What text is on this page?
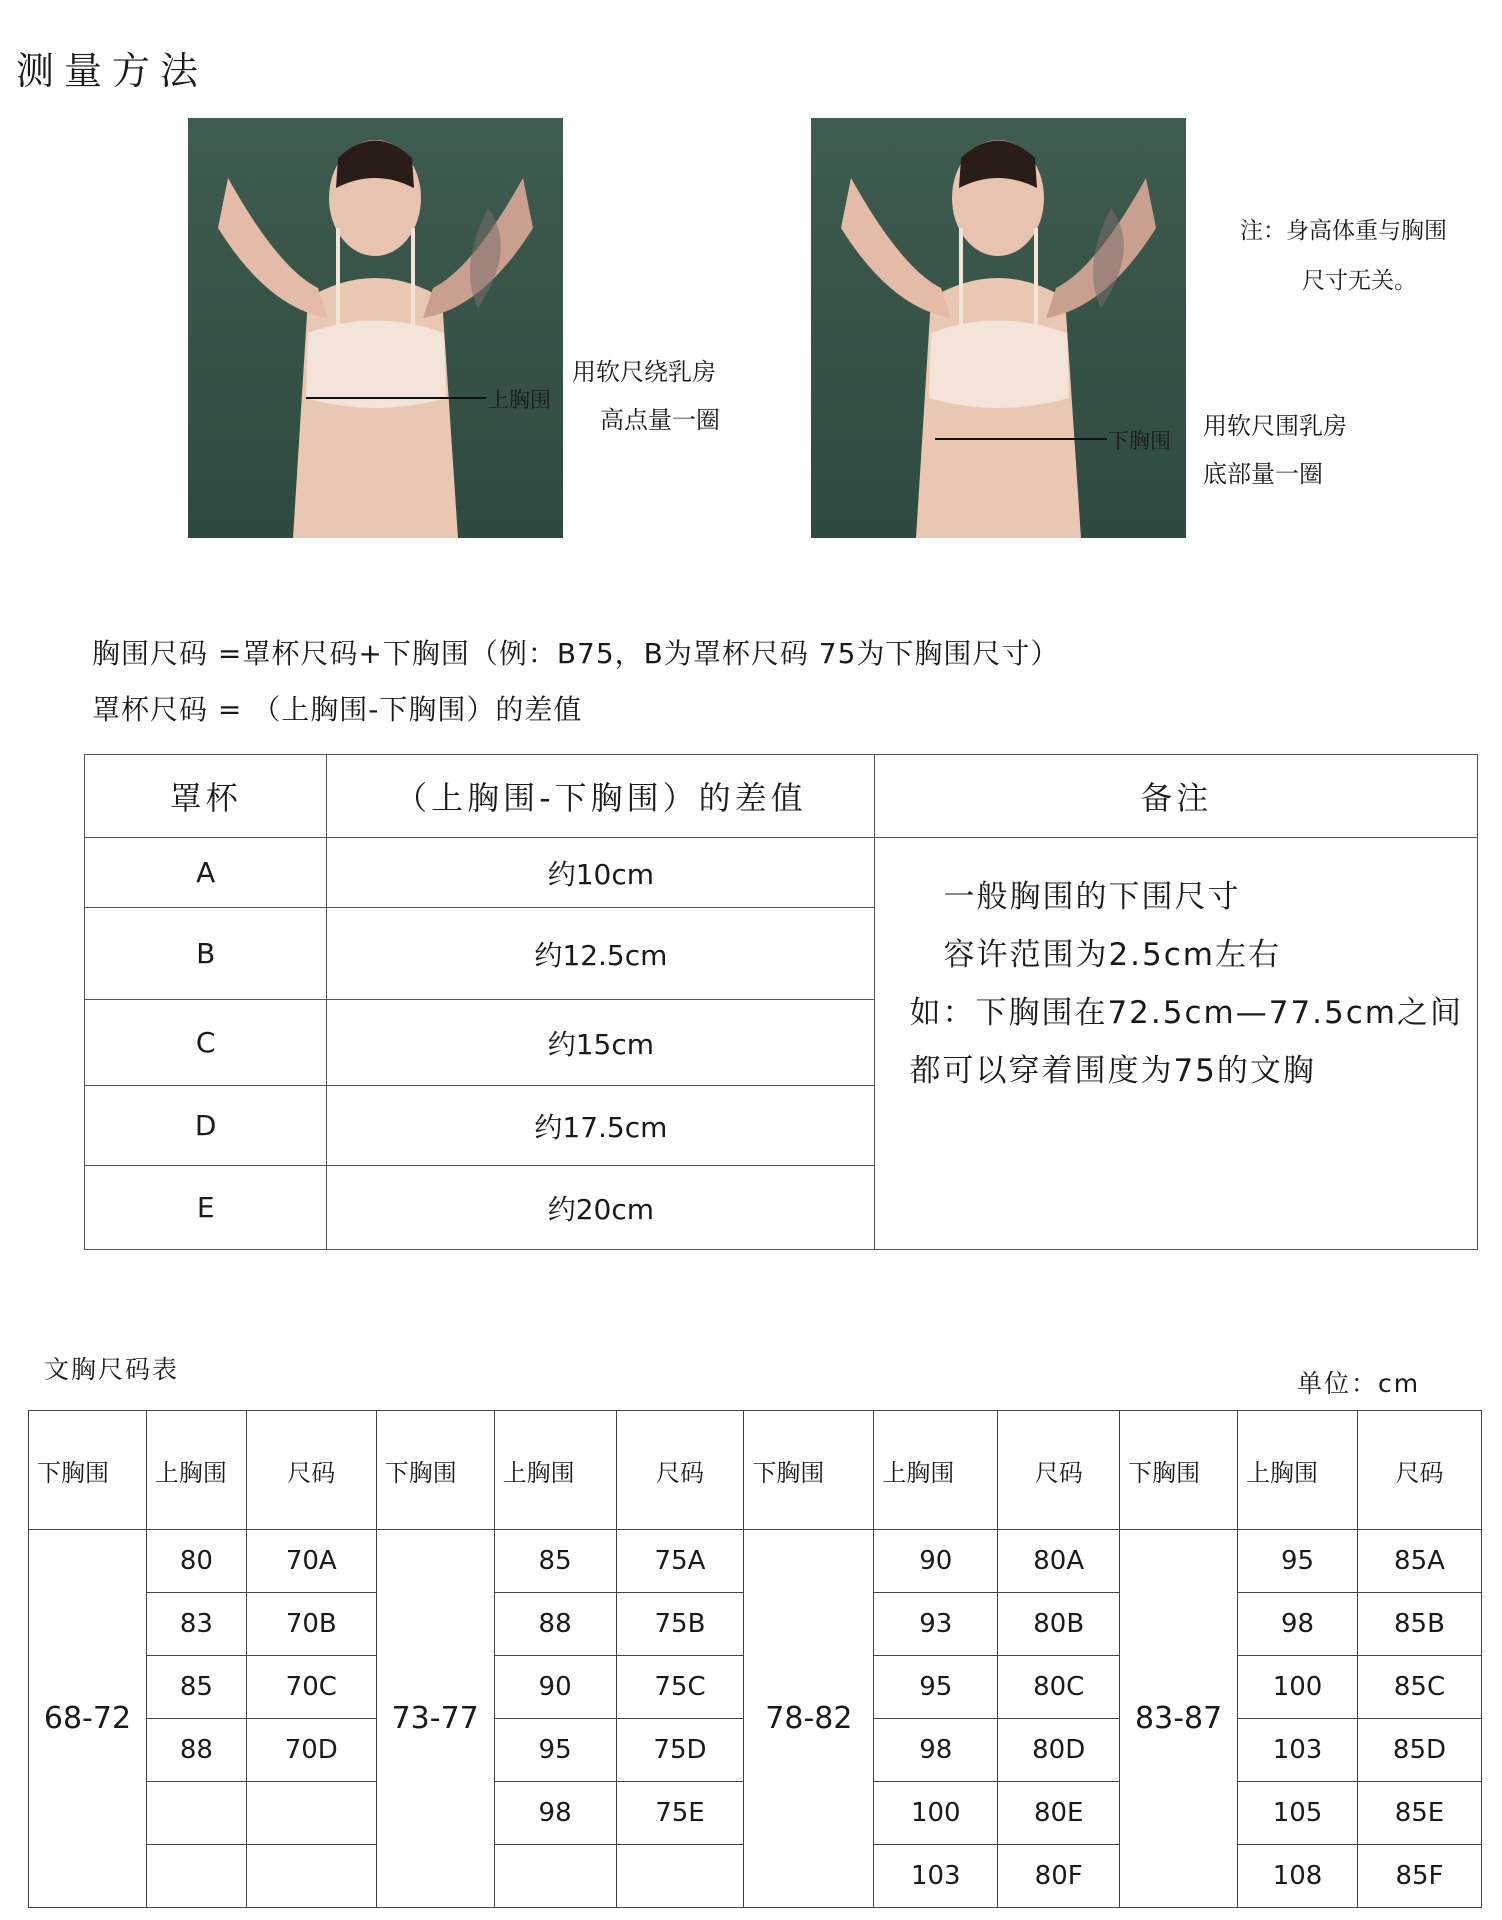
测量方法
上胸围
用软尺绕乳房
高点量一圈
下胸围
用软尺围乳房
底部量一圈
注：身高体重与胸围
尺寸无关。
胸围尺码 =罩杯尺码+下胸围（例：B75，B为罩杯尺码 75为下胸围尺寸）
罩杯尺码 = （上胸围-下胸围）的差值
罩杯	（上胸围-下胸围）的差值	备注
A	约10cm	一般胸围的下围尺寸
容许范围为2.5cm左右
如：下胸围在72.5cm—77.5cm之间
都可以穿着围度为75的文胸

B	约12.5cm	
C	约15cm	
D	约17.5cm	
E	约20cm	
文胸尺码表	单位：cm
下胸围	上胸围	尺码	下胸围	上胸围	尺码	下胸围	上胸围	尺码	下胸围	上胸围	尺码
68-72	80	70A	73-77	85	75A	78-82	90	80A	83-87	95	85A
	83	70B		88	75B		93	80B		98	85B
	85	70C		90	75C		95	80C		100	85C
	88	70D		95	75D		98	80D		103	85D
				98	75E		100	80E		105	85E
							103	80F		108	85F
